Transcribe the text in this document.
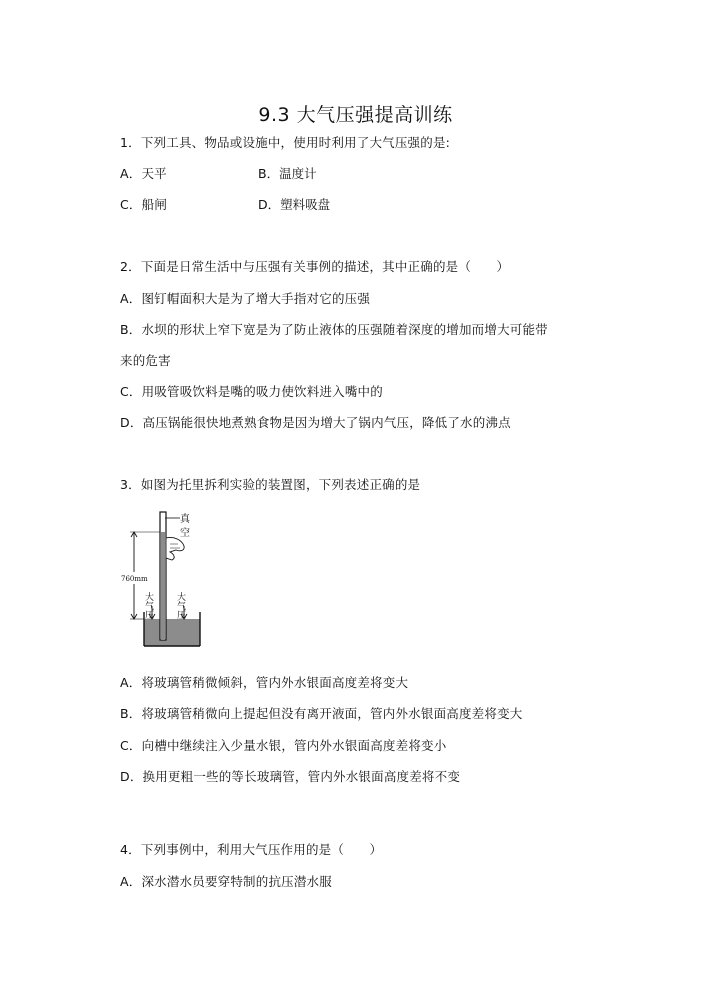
9.3 大气压强提高训练
1．下列工具、物品或设施中，使用时利用了大气压强的是:
A．天平	B．温度计
C．船闸	D．塑料吸盘
2．下面是日常生活中与压强有关事例的描述，其中正确的是（　　）
A．图钉帽面积大是为了增大手指对它的压强
B．水坝的形状上窄下宽是为了防止液体的压强随着深度的增加而增大可能带
来的危害
C．用吸管吸饮料是嘴的吸力使饮料进入嘴中的
D．高压锅能很快地煮熟食物是因为增大了锅内气压，降低了水的沸点
3．如图为托里拆利实验的装置图，下列表述正确的是
真
空
760mm
大气压 大气压
A．将玻璃管稍微倾斜，管内外水银面高度差将变大
B．将玻璃管稍微向上提起但没有离开液面，管内外水银面高度差将变大
C．向槽中继续注入少量水银，管内外水银面高度差将变小
D．换用更粗一些的等长玻璃管，管内外水银面高度差将不变
4．下列事例中，利用大气压作用的是（　　）
A．深水潜水员要穿特制的抗压潜水服
